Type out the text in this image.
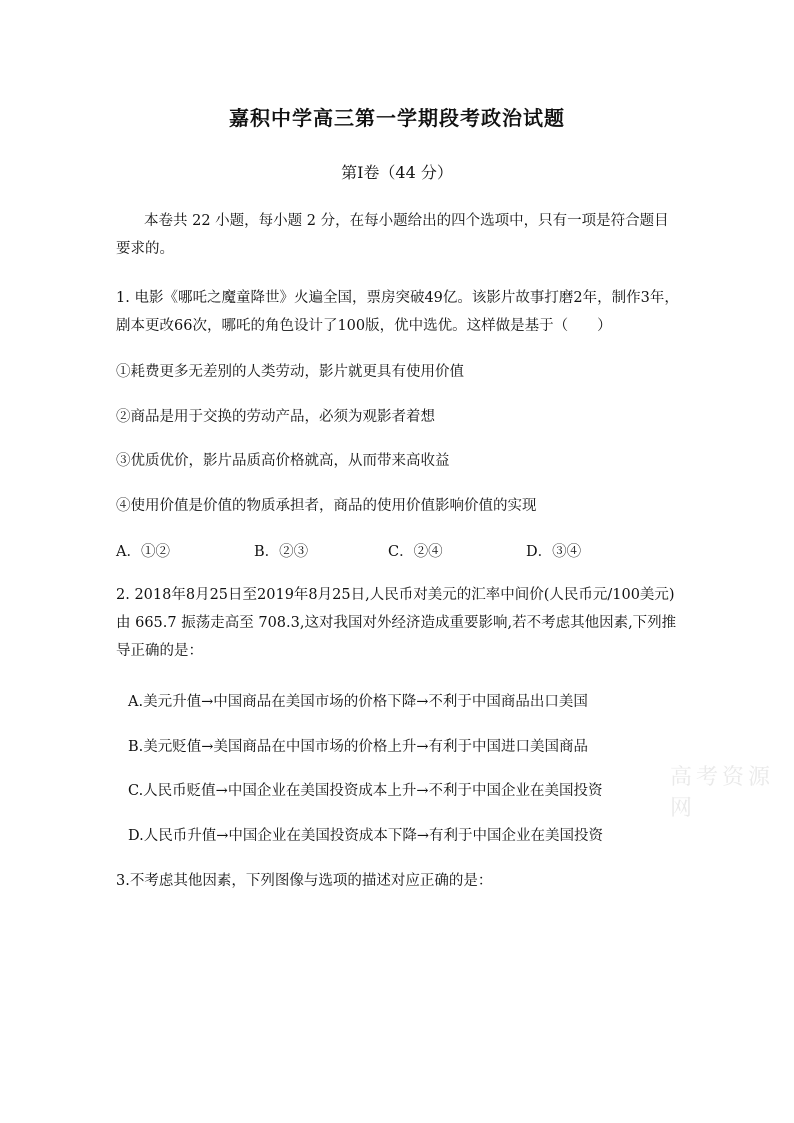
嘉积中学高三第一学期段考政治试题
第Ⅰ卷（44 分）
本卷共 22 小题，每小题 2 分，在每小题给出的四个选项中，只有一项是符合题目要求的。
1. 电影《哪吒之魔童降世》火遍全国，票房突破49亿。该影片故事打磨2年，制作3年，剧本更改66次，哪吒的角色设计了100版，优中选优。这样做是基于（　　）
①耗费更多无差别的人类劳动，影片就更具有使用价值
②商品是用于交换的劳动产品，必须为观影者着想
③优质优价，影片品质高价格就高，从而带来高收益
④使用价值是价值的物质承担者，商品的使用价值影响价值的实现
A．①②	B．②③	C．②④	D．③④
2. 2018年8月25日至2019年8月25日,人民币对美元的汇率中间价(人民币元/100美元)由 665.7 振荡走高至 708.3,这对我国对外经济造成重要影响,若不考虑其他因素,下列推导正确的是：
A.美元升值→中国商品在美国市场的价格下降→不利于中国商品出口美国
B.美元贬值→美国商品在中国市场的价格上升→有利于中国进口美国商品
C.人民币贬值→中国企业在美国投资成本上升→不利于中国企业在美国投资
D.人民币升值→中国企业在美国投资成本下降→有利于中国企业在美国投资
3.不考虑其他因素，下列图像与选项的描述对应正确的是：
高考资源网
